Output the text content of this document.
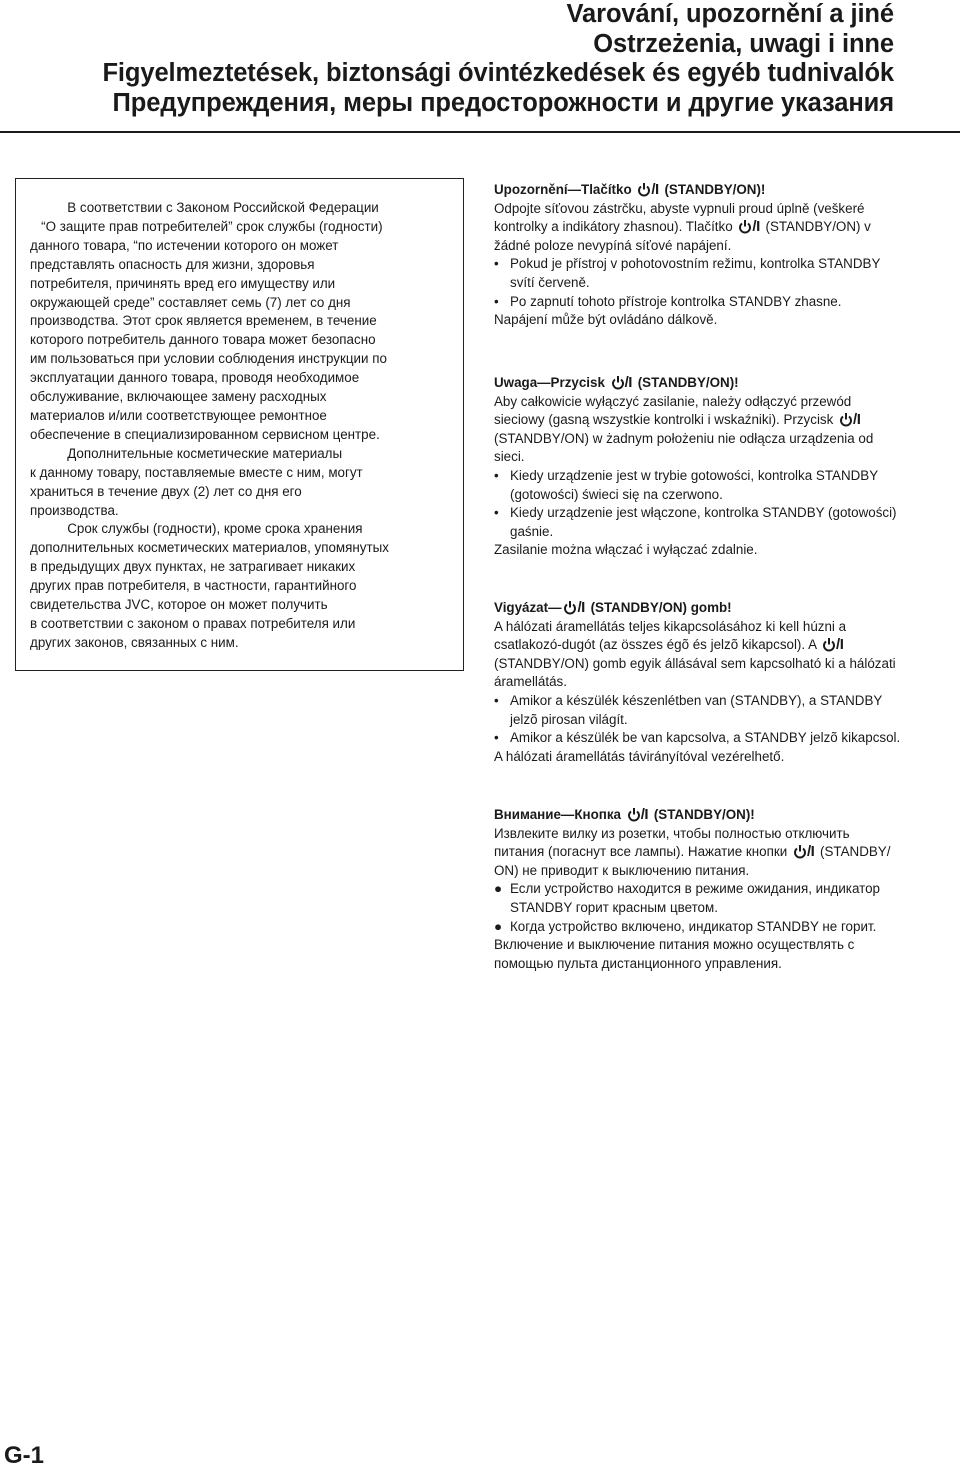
Varování, upozornění a jiné
Ostrzeżenia, uwagi i inne
Figyelmeztetések, biztonsági óvintézkedések és egyéb tudnivalók
Предупреждения, меры предосторожности и другие указания

В соответствии с Законом Российской Федерации

“О защите прав потребителей” срок службы (годности)

данного товара, “по истечении которого он может

представлять опасность для жизни, здоровья

потребителя, причинять вред его имуществу или

окружающей среде” составляет семь (7) лет со дня

производства. Этот срок является временем, в течение

которого потребитель данного товара может безопасно

им пользоваться при условии соблюдения инструкции по

эксплуатации данного товара, проводя необходимое

обслуживание, включающее замену расходных

материалов и/или соответствующее ремонтное

обеспечение в специализированном сервисном центре.

Дополнительные косметические материалы

к данному товару, поставляемые вместе с ним, могут

храниться в течение двух (2) лет со дня его

производства.

Срок службы (годности), кроме срока хранения

дополнительных косметических материалов, упомянутых

в предыдущих двух пунктах, не затрагивает никаких

других прав потребителя, в частности, гарантийного

свидетельства JVC, которое он может получить

в соответствии с законом о правах потребителя или

других законов, связанных с ним.

Upozornění—Tlačítko /I (STANDBY/ON)!

Odpojte síťovou zástrčku, abyste vypnuli proud úplně (veškeré

kontrolky a indikátory zhasnou). Tlačítko /I (STANDBY/ON) v

žádné poloze nevypíná síťové napájení.

• Pokud je přístroj v pohotovostním režimu, kontrolka STANDBY

svítí červeně.

• Po zapnutí tohoto přístroje kontrolka STANDBY zhasne.

Napájení může být ovládáno dálkově.

Uwaga—Przycisk /I (STANDBY/ON)!

Aby całkowicie wyłączyć zasilanie, należy odłączyć przewód

sieciowy (gasną wszystkie kontrolki i wskaźniki). Przycisk /I

(STANDBY/ON) w żadnym położeniu nie odłącza urządzenia od

sieci.

• Kiedy urządzenie jest w trybie gotowości, kontrolka STANDBY

(gotowości) świeci się na czerwono.

• Kiedy urządzenie jest włączone, kontrolka STANDBY (gotowości)

gaśnie.

Zasilanie można włączać i wyłączać zdalnie.

Vigyázat— /I (STANDBY/ON) gomb!

A hálózati áramellátás teljes kikapcsolásához ki kell húzni a

csatlakozó-dugót (az összes égõ és jelzõ kikapcsol). A /I

(STANDBY/ON) gomb egyik állásával sem kapcsolható ki a hálózati

áramellátás.

• Amikor a készülék készenlétben van (STANDBY), a STANDBY

jelzõ pirosan világít.

• Amikor a készülék be van kapcsolva, a STANDBY jelzõ kikapcsol.

A hálózati áramellátás távirányítóval vezérelhető.

Внимание—Кнопка /I (STANDBY/ON)!

Извлеките вилку из розетки, чтобы полностью отключить

питания (погаснут все лампы). Нажатие кнопки /I (STANDBY/

ON) не приводит к выключению питания.

● Если устройство находится в режиме ожидания, индикатор

STANDBY горит красным цветом.

● Когда устройство включено, индикатор STANDBY не горит.

Включение и выключение питания можно осуществлять с

помощью пульта дистанционного управления.

G-1
